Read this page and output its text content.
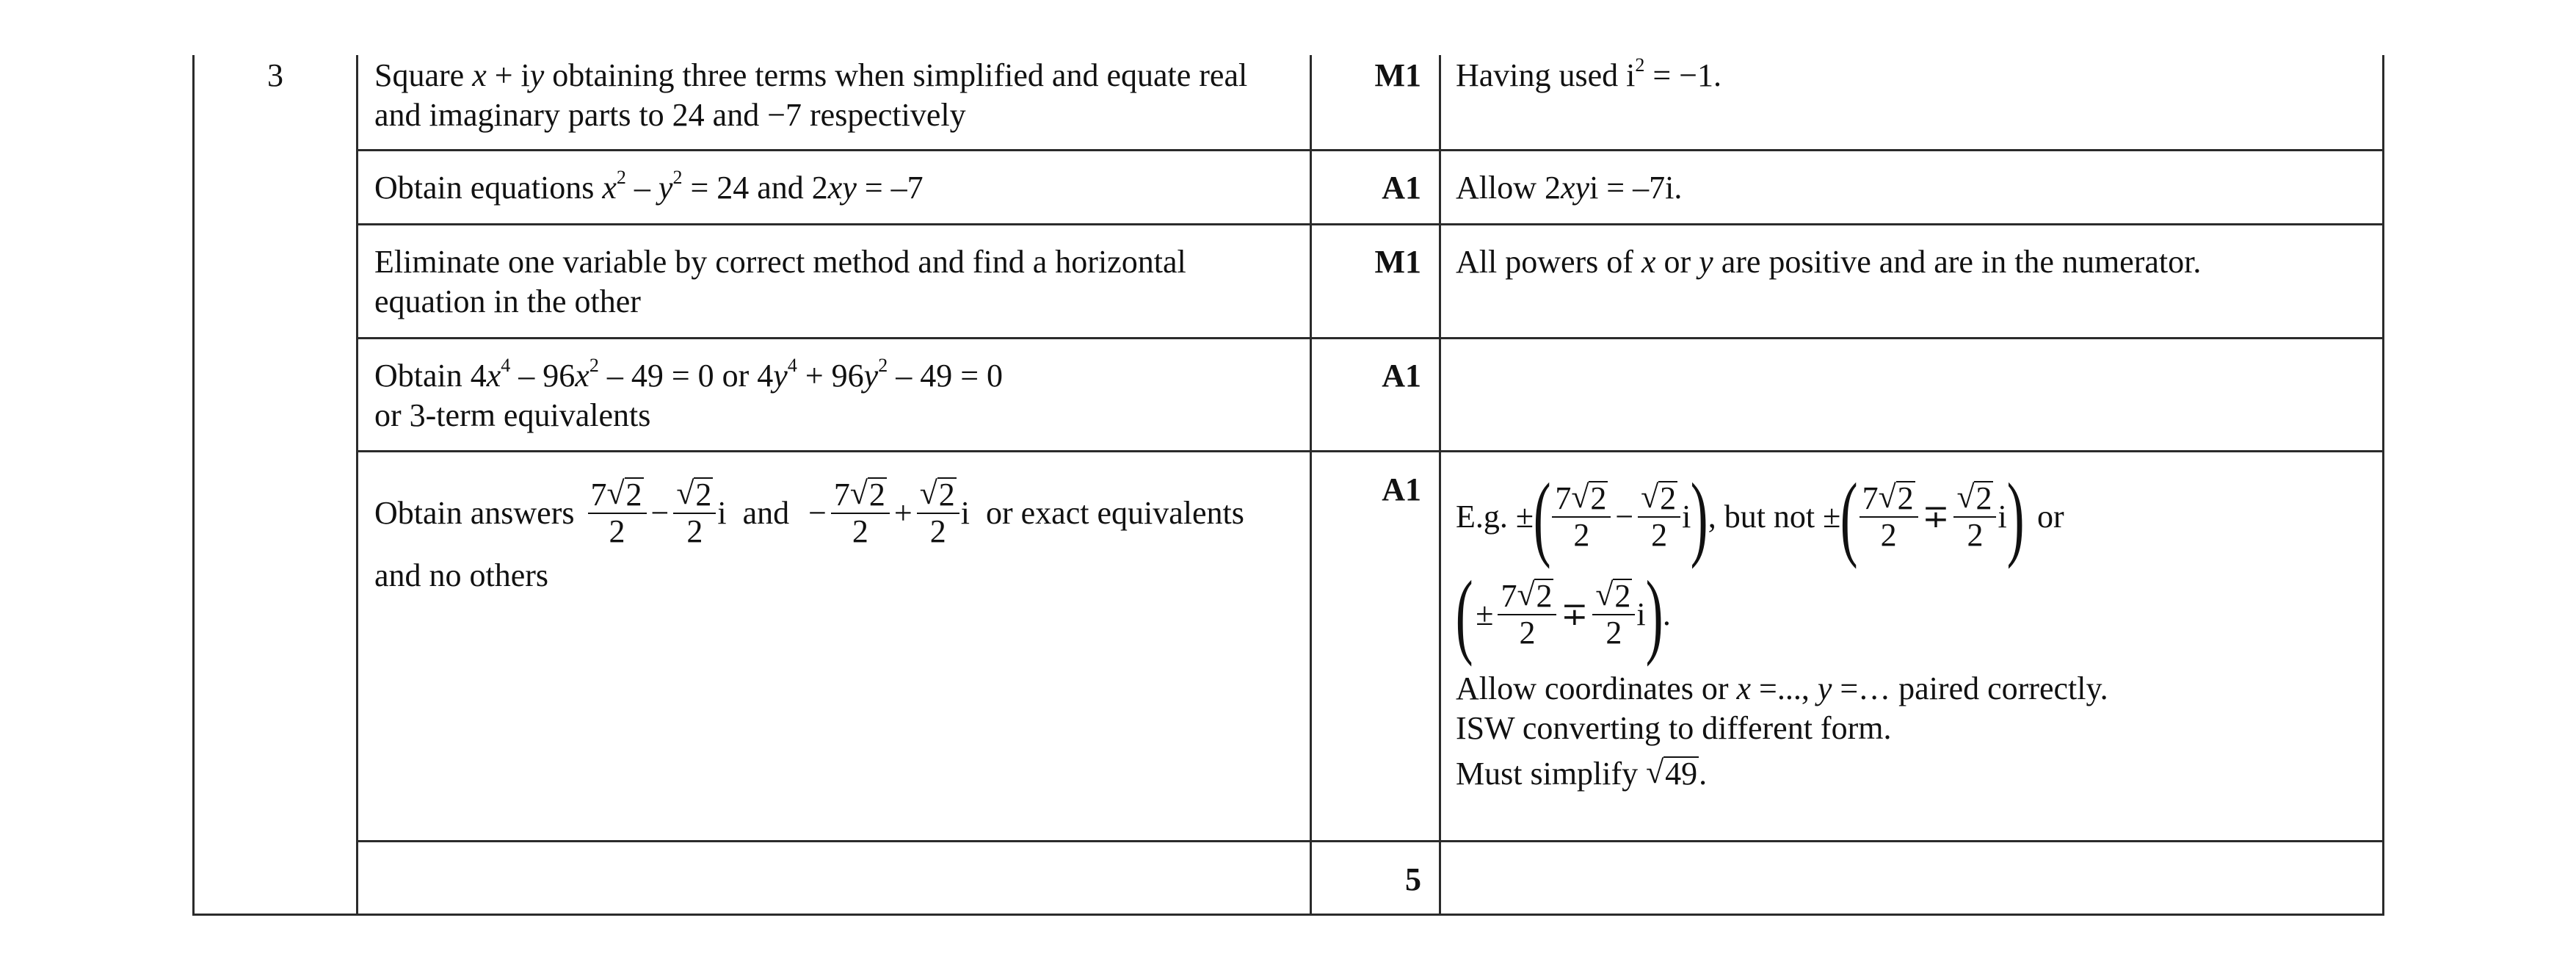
3	Square x + iy obtaining three terms when simplified and equate real
and imaginary parts to 24 and −7 respectively
M1 Having used $i^2 = -1$.
Obtain equations $x^2 - y^2 = 24$ and 2xy = –7	A1 Allow 2xyi = –7i.
Eliminate one variable by correct method and find a horizontal
equation in the other
M1 All powers of x or y are positive and are in the numerator.
Obtain $4x^4 - 96x^2 - 49 = 0$ or $4y^4 + 96y^2 - 49 = 0$
or 3-term equivalents
A1
Obtain answers $\frac{7 √ 2}{2} - \frac{√ 2}{2}$ i and − $\frac{7 √ 2}{2} + \frac{√ 2}{2}$ i or exact equivalents
and no others
A1
E.g. ± ( $\frac{7 √ 2}{2} - \frac{√ 2}{2}$ i ) , but not ± ( $\frac{7 √ 2}{2} \mp \frac{√ 2}{2}$ i ) or
( ± $\frac{7 √ 2}{2} \mp \frac{√ 2}{2}$ i ) .
Allow coordinates or x =..., y =… paired correctly.
ISW converting to different form.
Must simplify √ 49.
5
